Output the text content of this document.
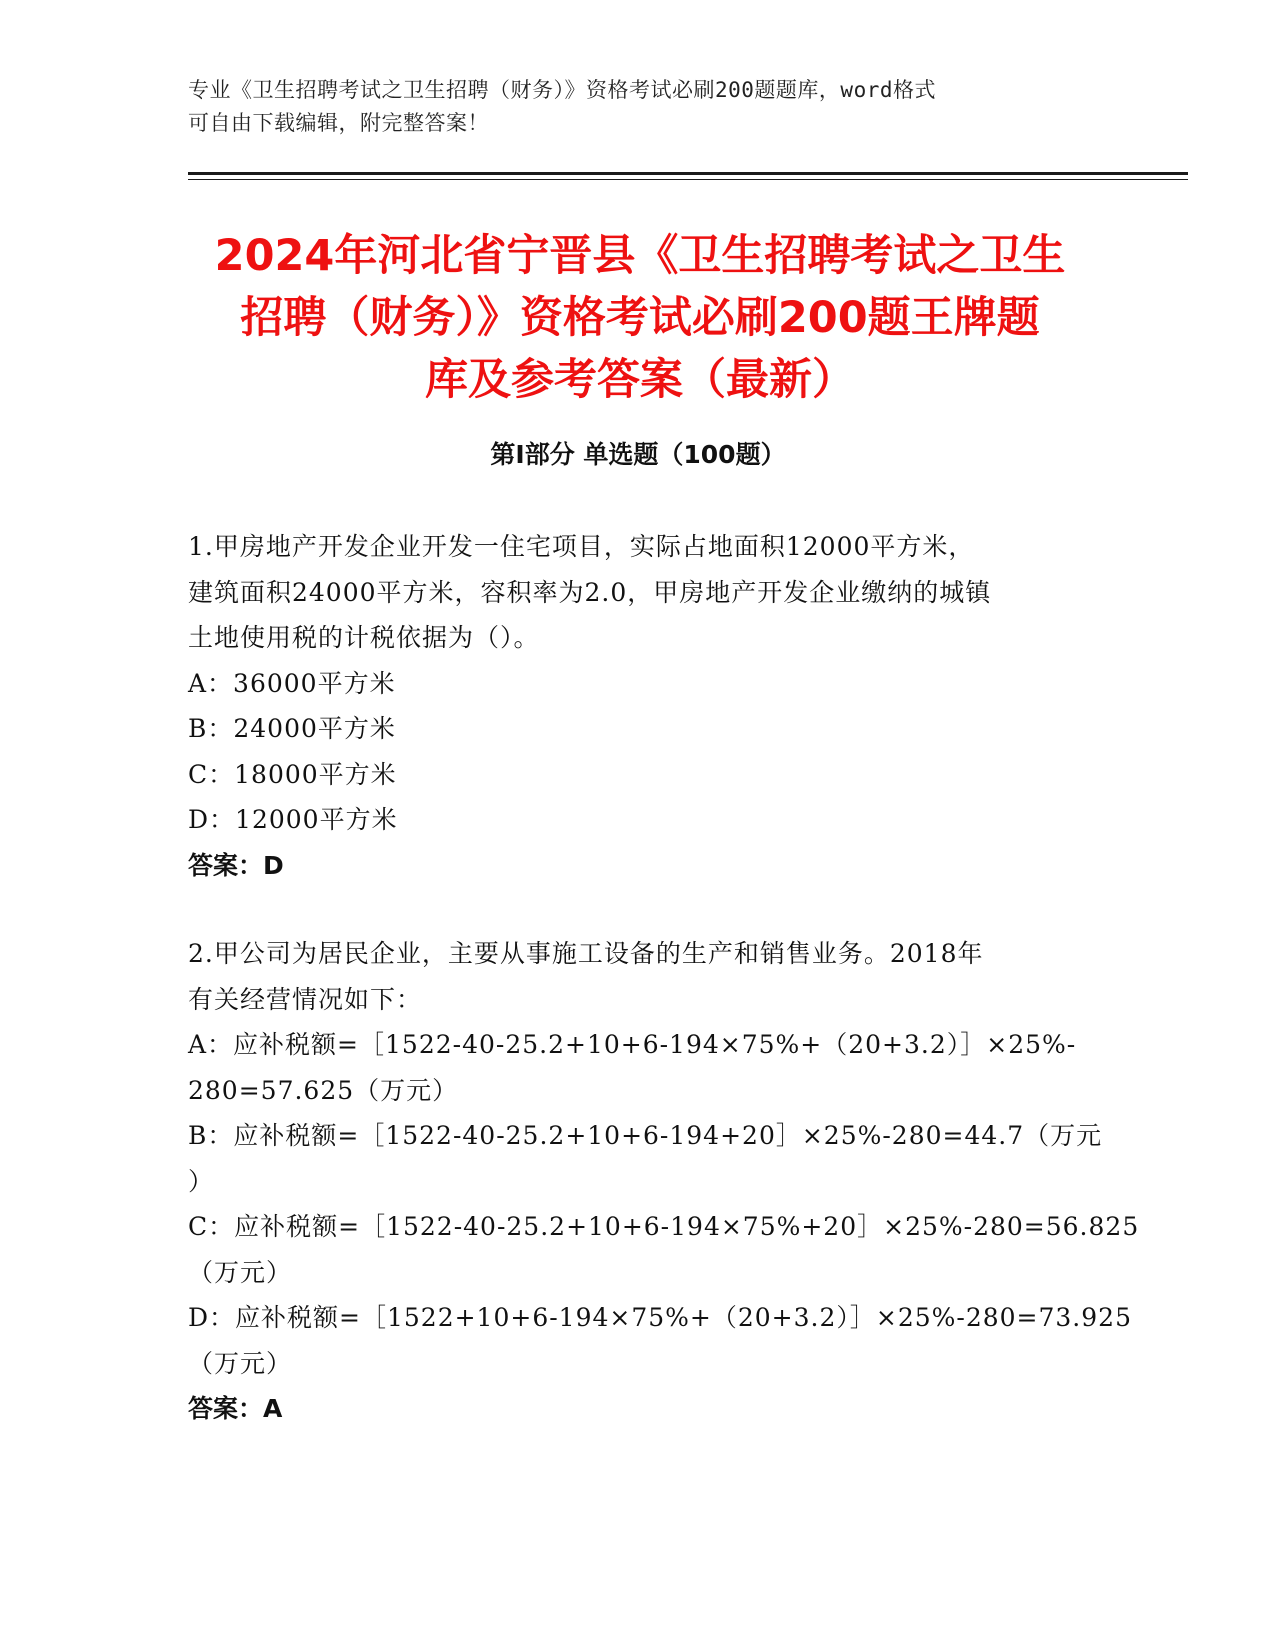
专业《卫生招聘考试之卫生招聘（财务）》资格考试必刷200题题库，word格式
可自由下载编辑，附完整答案！
2024年河北省宁晋县《卫生招聘考试之卫生
招聘（财务）》资格考试必刷200题王牌题
库及参考答案（最新）
第Ⅰ部分 单选题（100题）
1.甲房地产开发企业开发一住宅项目，实际占地面积12000平方米，
建筑面积24000平方米，容积率为2.0，甲房地产开发企业缴纳的城镇
土地使用税的计税依据为（）。
A：36000平方米
B：24000平方米
C：18000平方米
D：12000平方米
答案：D
2.甲公司为居民企业，主要从事施工设备的生产和销售业务。2018年
有关经营情况如下：
A：应补税额=［1522-40-25.2+10+6-194×75%+（20+3.2）］×25%-
280=57.625（万元）
B：应补税额=［1522-40-25.2+10+6-194+20］×25%-280=44.7（万元
）
C：应补税额=［1522-40-25.2+10+6-194×75%+20］×25%-280=56.825
（万元）
D：应补税额=［1522+10+6-194×75%+（20+3.2）］×25%-280=73.925
（万元）
答案：A
